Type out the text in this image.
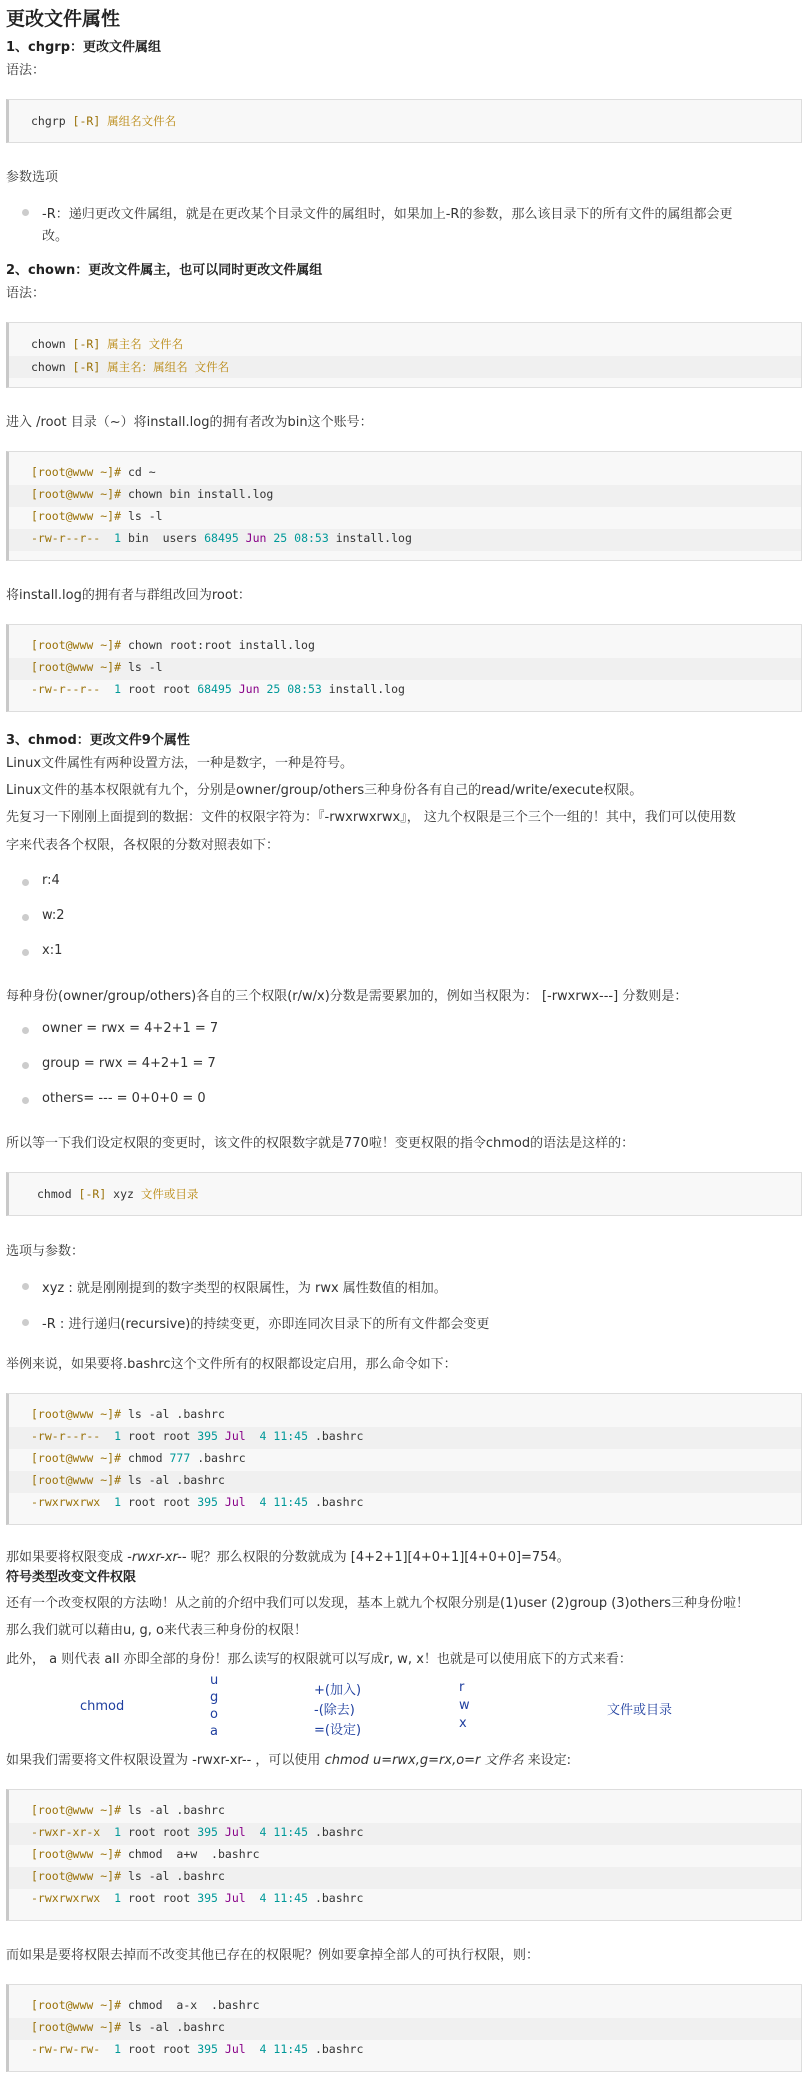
更改文件属性
1、chgrp：更改文件属组
语法：
chgrp [-R] 属组名文件名
参数选项
-R：递归更改文件属组，就是在更改某个目录文件的属组时，如果加上-R的参数，那么该目录下的所有文件的属组都会更
改。
2、chown：更改文件属主，也可以同时更改文件属组
语法：
chown [-R] 属主名 文件名
chown [-R] 属主名：属组名 文件名
进入 /root 目录（~）将install.log的拥有者改为bin这个账号：
[root@www ~]# cd ~
[root@www ~]# chown bin install.log
[root@www ~]# ls -l
-rw-r--r--  1 bin  users 68495 Jun 25 08:53 install.log
将install.log的拥有者与群组改回为root：
[root@www ~]# chown root:root install.log
[root@www ~]# ls -l
-rw-r--r--  1 root root 68495 Jun 25 08:53 install.log
3、chmod：更改文件9个属性
Linux文件属性有两种设置方法，一种是数字，一种是符号。
Linux文件的基本权限就有九个，分别是owner/group/others三种身份各有自己的read/write/execute权限。
先复习一下刚刚上面提到的数据：文件的权限字符为：『-rwxrwxrwx』， 这九个权限是三个三个一组的！其中，我们可以使用数
字来代表各个权限，各权限的分数对照表如下：
r:4
w:2
x:1
每种身份(owner/group/others)各自的三个权限(r/w/x)分数是需要累加的，例如当权限为： [-rwxrwx---] 分数则是：
owner = rwx = 4+2+1 = 7
group = rwx = 4+2+1 = 7
others= --- = 0+0+0 = 0
所以等一下我们设定权限的变更时，该文件的权限数字就是770啦！变更权限的指令chmod的语法是这样的：
chmod [-R] xyz 文件或目录
选项与参数：
xyz : 就是刚刚提到的数字类型的权限属性，为 rwx 属性数值的相加。
-R : 进行递归(recursive)的持续变更，亦即连同次目录下的所有文件都会变更
举例来说，如果要将.bashrc这个文件所有的权限都设定启用，那么命令如下：
[root@www ~]# ls -al .bashrc
-rw-r--r--  1 root root 395 Jul  4 11:45 .bashrc
[root@www ~]# chmod 777 .bashrc
[root@www ~]# ls -al .bashrc
-rwxrwxrwx  1 root root 395 Jul  4 11:45 .bashrc
那如果要将权限变成 -rwxr-xr-- 呢？那么权限的分数就成为 [4+2+1][4+0+1][4+0+0]=754。
符号类型改变文件权限
还有一个改变权限的方法呦！从之前的介绍中我们可以发现，基本上就九个权限分别是(1)user (2)group (3)others三种身份啦！
那么我们就可以藉由u, g, o来代表三种身份的权限！
此外， a 则代表 all 亦即全部的身份！那么读写的权限就可以写成r, w, x！也就是可以使用底下的方式来看：
chmod
u
g
o
a
+(加入)
-(除去)
=(设定)
r
w
x
文件或目录
如果我们需要将文件权限设置为 -rwxr-xr-- ，可以使用 chmod u=rwx,g=rx,o=r 文件名 来设定:
[root@www ~]# ls -al .bashrc
-rwxr-xr-x  1 root root 395 Jul  4 11:45 .bashrc
[root@www ~]# chmod  a+w  .bashrc
[root@www ~]# ls -al .bashrc
-rwxrwxrwx  1 root root 395 Jul  4 11:45 .bashrc
而如果是要将权限去掉而不改变其他已存在的权限呢？例如要拿掉全部人的可执行权限，则：
[root@www ~]# chmod  a-x  .bashrc
[root@www ~]# ls -al .bashrc
-rw-rw-rw-  1 root root 395 Jul  4 11:45 .bashrc
